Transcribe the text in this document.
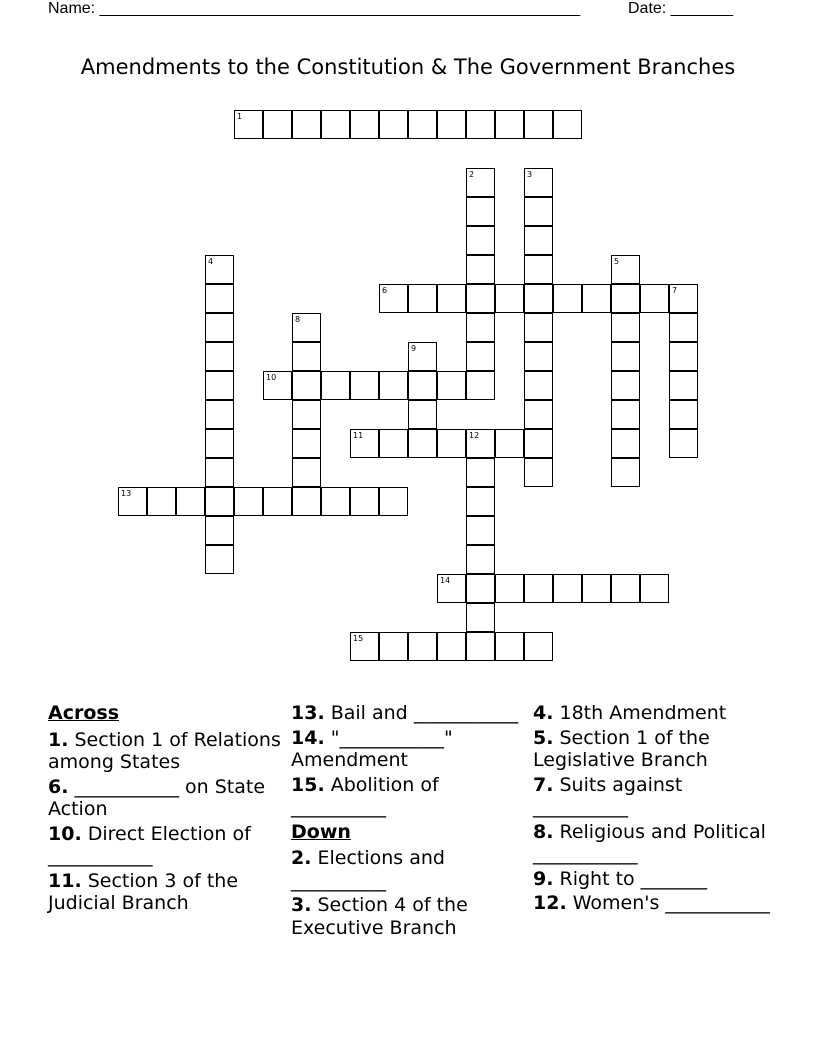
Name: ______________________________________________________	Date: _______
Amendments to the Constitution & The Government Branches
1
2	3
4	5
6	7
8
9
10
11	12
13
14
15
Across
1. Section 1 of Relations among States
6. ___________ on State Action
10. Direct Election of ___________
11. Section 3 of the Judicial Branch
13. Bail and ___________
14. "___________" Amendment
15. Abolition of __________
Down
2. Elections and __________
3. Section 4 of the Executive Branch
4. 18th Amendment
5. Section 1 of the Legislative Branch
7. Suits against __________
8. Religious and Political ___________
9. Right to _______
12. Women's ___________
